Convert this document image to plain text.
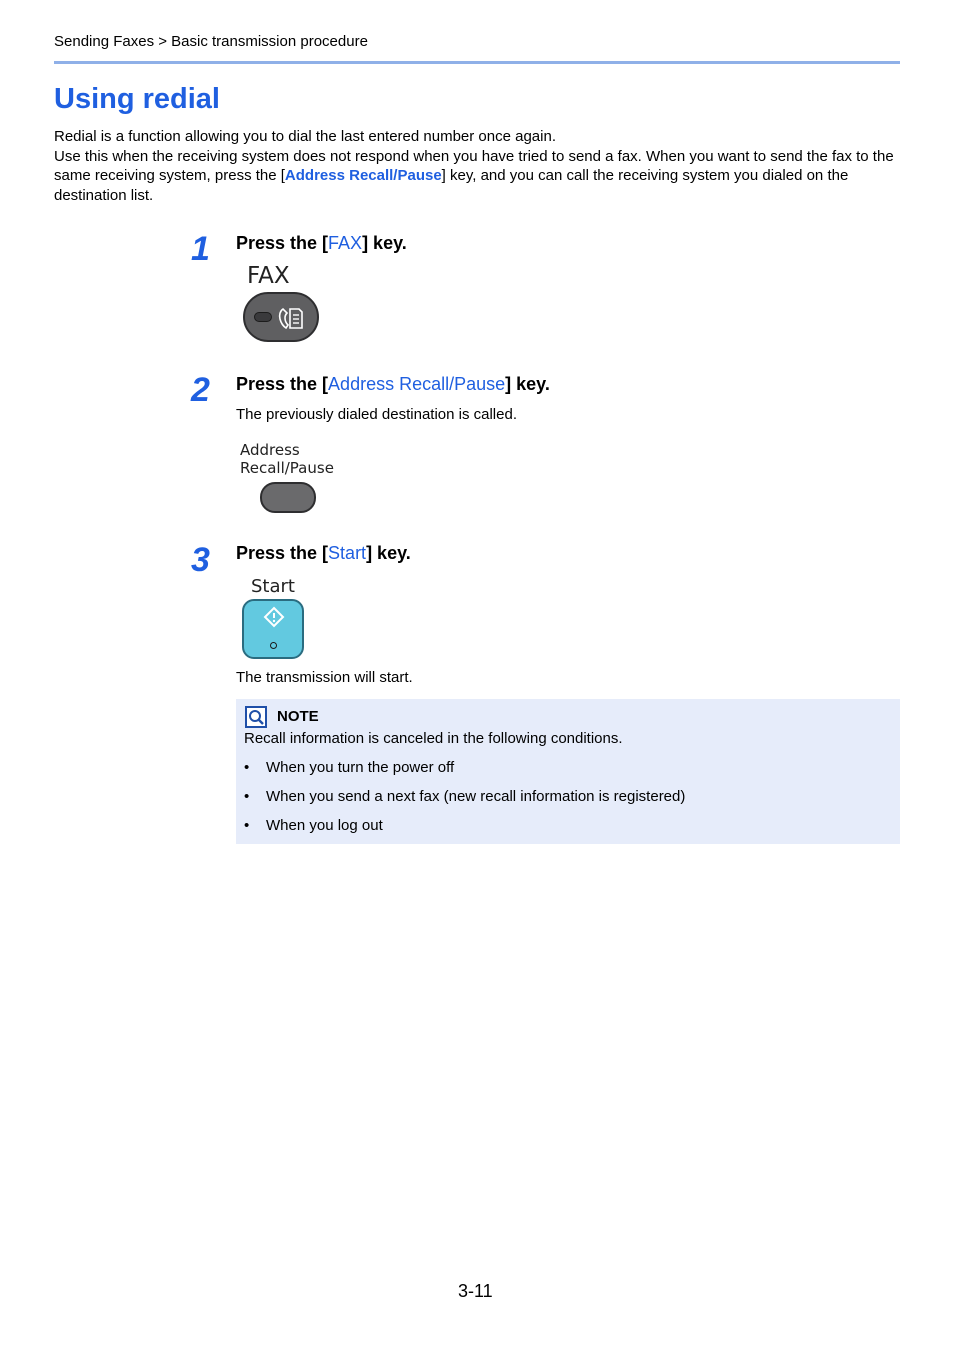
Sending Faxes > Basic transmission procedure
Using redial
Redial is a function allowing you to dial the last entered number once again.
Use this when the receiving system does not respond when you have tried to send a fax. When you want to send the fax to the same receiving system, press the [Address Recall/Pause] key, and you can call the receiving system you dialed on the destination list.
1 Press the [FAX] key.
FAX
2 Press the [Address Recall/Pause] key.
The previously dialed destination is called.
Address
Recall/Pause
3 Press the [Start] key.
Start
The transmission will start.
NOTE
Recall information is canceled in the following conditions.
• When you turn the power off
• When you send a next fax (new recall information is registered)
• When you log out
3-11
